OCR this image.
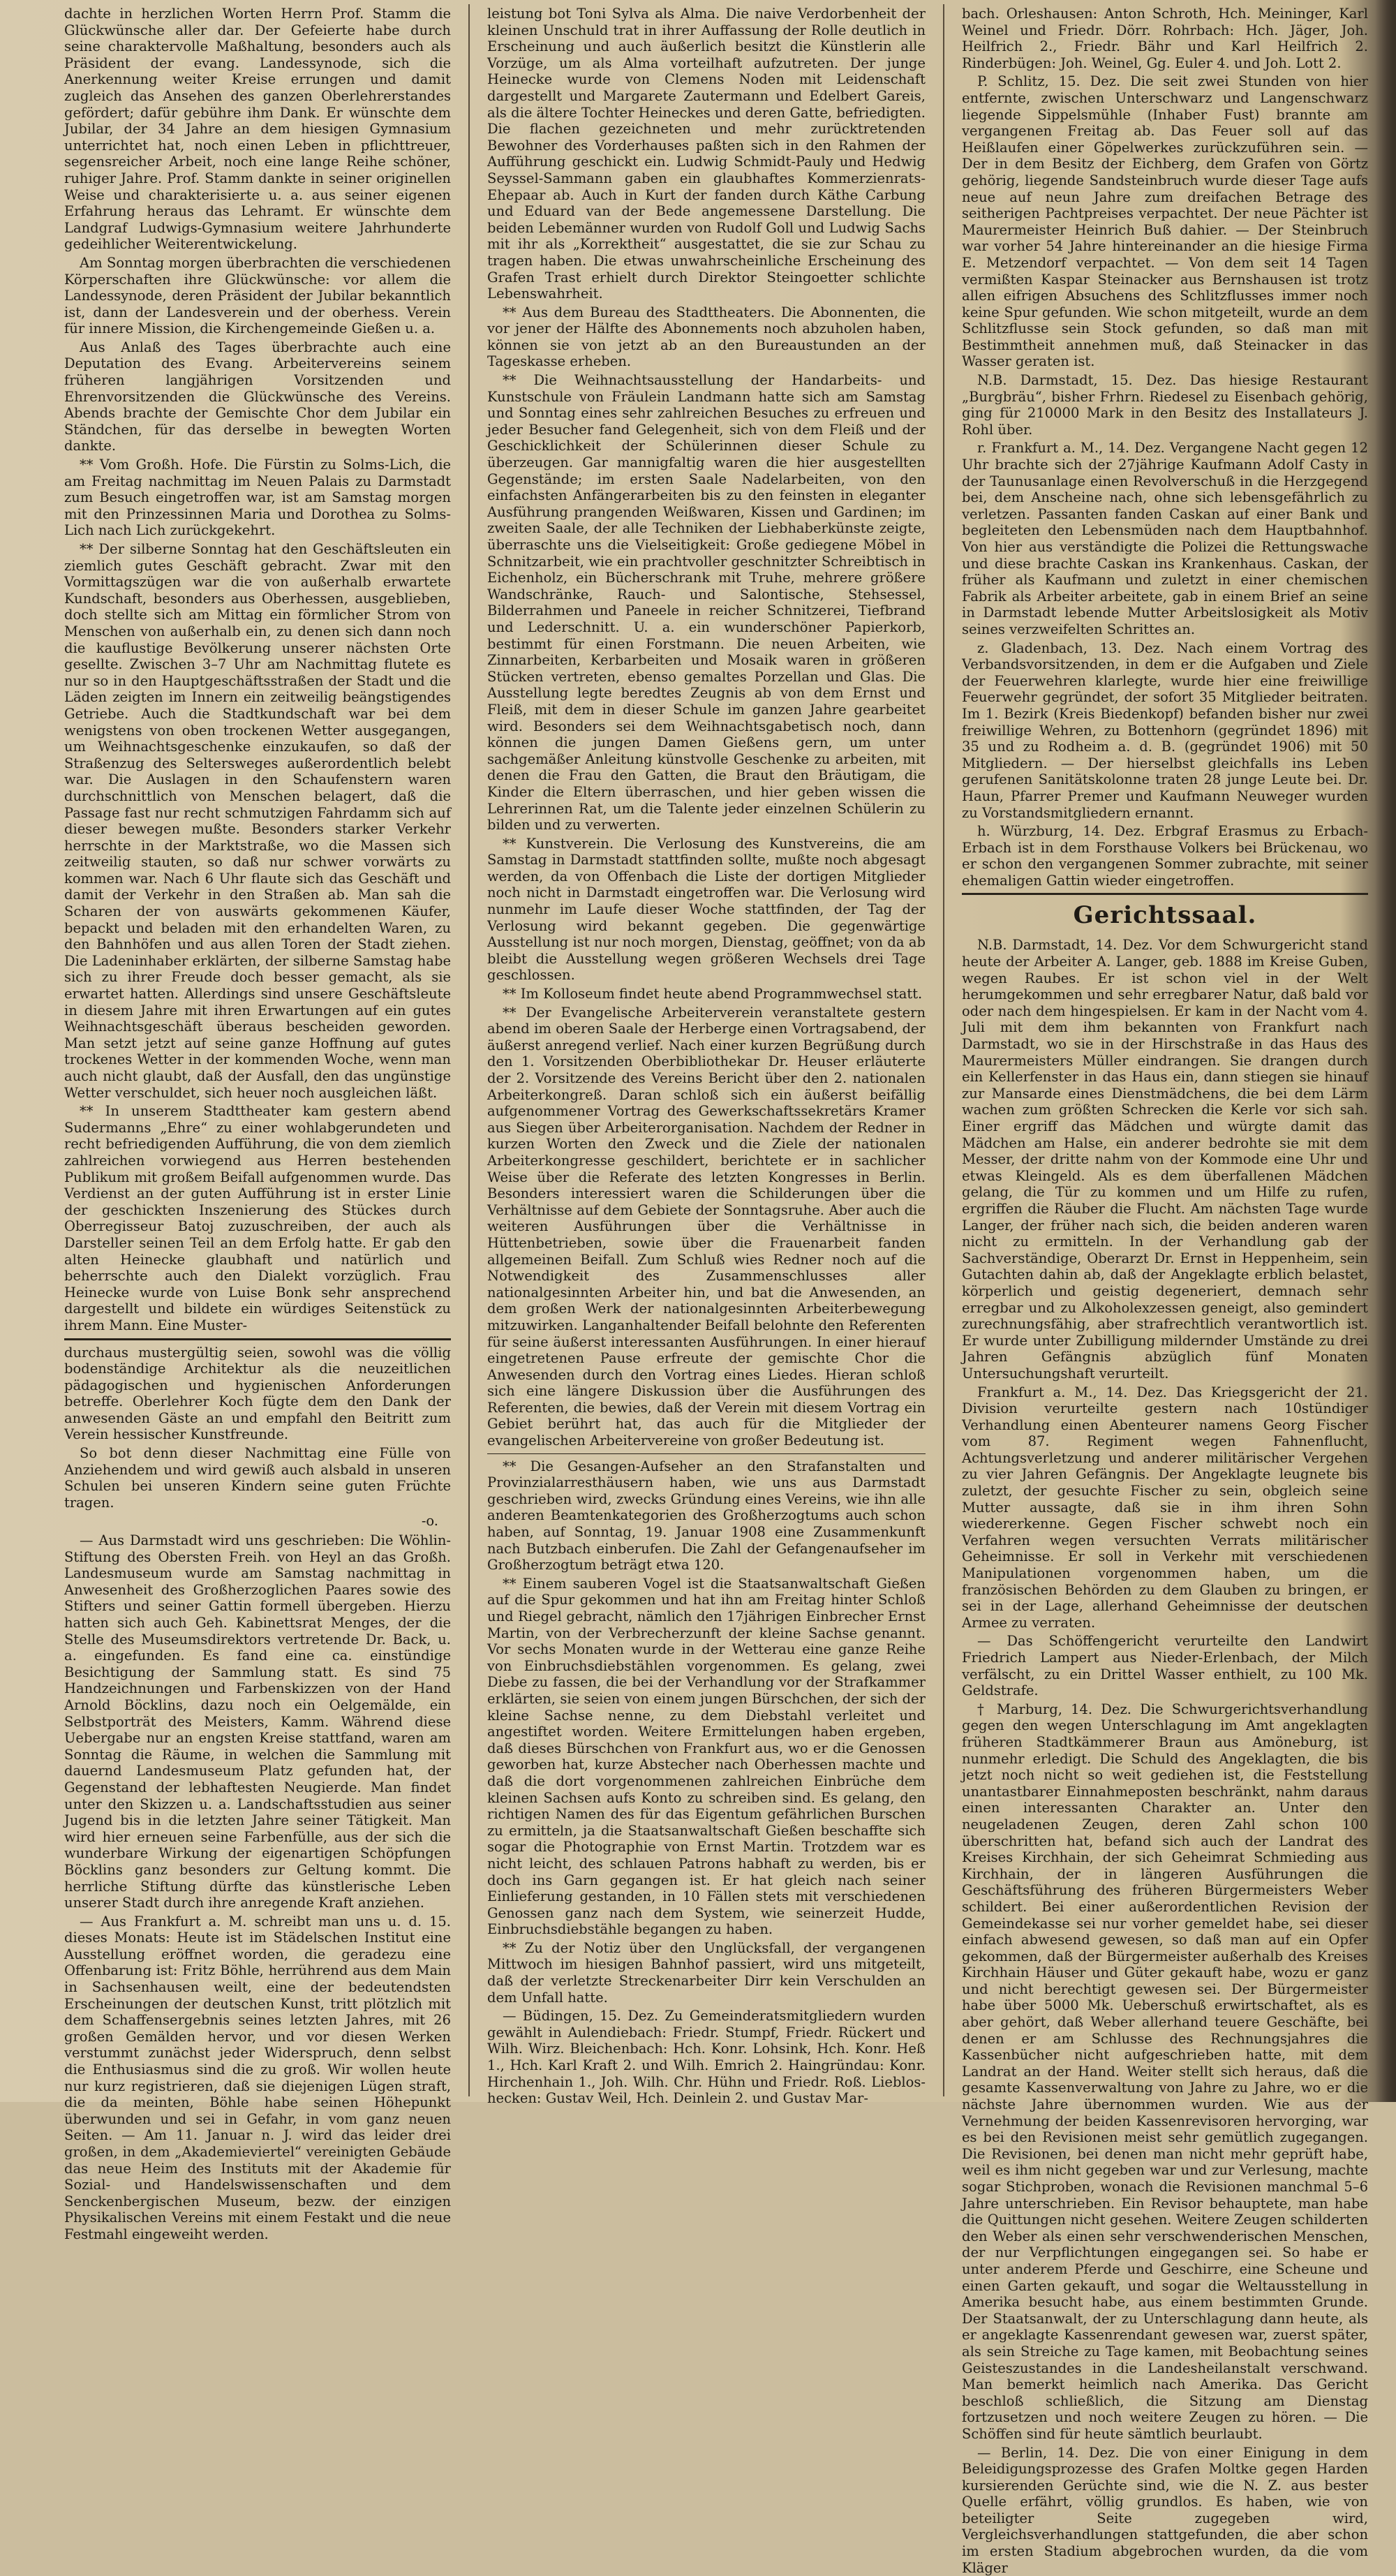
dachte in herzlichen Worten Herrn Prof. Stamm die Glückwünsche aller dar. Der Gefeierte habe durch seine charaktervolle Maßhaltung, besonders auch als Präsident der evang. Landessynode, sich die Anerkennung weiter Kreise errungen und damit zugleich das Ansehen des ganzen Oberlehrerstandes gefördert; dafür gebühre ihm Dank. Er wünschte dem Jubilar, der 34 Jahre an dem hiesigen Gymnasium unterrichtet hat, noch einen Leben in pflichttreuer, segensreicher Arbeit, noch eine lange Reihe schöner, ruhiger Jahre. Prof. Stamm dankte in seiner originellen Weise und charakterisierte u. a. aus seiner eigenen Erfahrung heraus das Lehramt. Er wünschte dem Landgraf Ludwigs-Gymnasium weitere Jahrhunderte gedeihlicher Weiterentwickelung.

Am Sonntag morgen überbrachten die verschiedenen Körperschaften ihre Glückwünsche: vor allem die Landessynode, deren Präsident der Jubilar bekanntlich ist, dann der Landesverein und der oberhess. Verein für innere Mission, die Kirchengemeinde Gießen u. a.

Aus Anlaß des Tages überbrachte auch eine Deputation des Evang. Arbeitervereins seinem früheren langjährigen Vorsitzenden und Ehrenvorsitzenden die Glückwünsche des Vereins. Abends brachte der Gemischte Chor dem Jubilar ein Ständchen, für das derselbe in bewegten Worten dankte.

** Vom Großh. Hofe. Die Fürstin zu Solms-Lich, die am Freitag nachmittag im Neuen Palais zu Darmstadt zum Besuch eingetroffen war, ist am Samstag morgen mit den Prinzessinnen Maria und Dorothea zu Solms-Lich nach Lich zurückgekehrt.

** Der silberne Sonntag hat den Geschäftsleuten ein ziemlich gutes Geschäft gebracht. Zwar mit den Vormittagszügen war die von außerhalb erwartete Kundschaft, besonders aus Oberhessen, ausgeblieben, doch stellte sich am Mittag ein förmlicher Strom von Menschen von außerhalb ein, zu denen sich dann noch die kauflustige Bevölkerung unserer nächsten Orte gesellte. Zwischen 3–7 Uhr am Nachmittag flutete es nur so in den Hauptgeschäftsstraßen der Stadt und die Läden zeigten im Innern ein zeitweilig beängstigendes Getriebe. Auch die Stadtkundschaft war bei dem wenigstens von oben trockenen Wetter ausgegangen, um Weihnachtsgeschenke einzukaufen, so daß der Straßenzug des Seltersweges außerordentlich belebt war. Die Auslagen in den Schaufenstern waren durchschnittlich von Menschen belagert, daß die Passage fast nur recht schmutzigen Fahrdamm sich auf dieser bewegen mußte. Besonders starker Verkehr herrschte in der Marktstraße, wo die Massen sich zeitweilig stauten, so daß nur schwer vorwärts zu kommen war. Nach 6 Uhr flaute sich das Geschäft und damit der Verkehr in den Straßen ab. Man sah die Scharen der von auswärts gekommenen Käufer, bepackt und beladen mit den erhandelten Waren, zu den Bahnhöfen und aus allen Toren der Stadt ziehen. Die Ladeninhaber erklärten, der silberne Samstag habe sich zu ihrer Freude doch besser gemacht, als sie erwartet hatten. Allerdings sind unsere Geschäftsleute in diesem Jahre mit ihren Erwartungen auf ein gutes Weihnachtsgeschäft überaus bescheiden geworden. Man setzt jetzt auf seine ganze Hoffnung auf gutes trockenes Wetter in der kommenden Woche, wenn man auch nicht glaubt, daß der Ausfall, den das ungünstige Wetter verschuldet, sich heuer noch ausgleichen läßt.

** In unserem Stadttheater kam gestern abend Sudermanns „Ehre“ zu einer wohlabgerundeten und recht befriedigenden Aufführung, die von dem ziemlich zahlreichen vorwiegend aus Herren bestehenden Publikum mit großem Beifall aufgenommen wurde. Das Verdienst an der guten Aufführung ist in erster Linie der geschickten Inszenierung des Stückes durch Oberregisseur Batoj zuzuschreiben, der auch als Darsteller seinen Teil an dem Erfolg hatte. Er gab den alten Heinecke glaubhaft und natürlich und beherrschte auch den Dialekt vorzüglich. Frau Heinecke wurde von Luise Bonk sehr ansprechend dargestellt und bildete ein würdiges Seitenstück zu ihrem Mann. Eine Muster-

durchaus mustergültig seien, sowohl was die völlig bodenständige Architektur als die neuzeitlichen pädagogischen und hygienischen Anforderungen betreffe. Oberlehrer Koch fügte dem den Dank der anwesenden Gäste an und empfahl den Beitritt zum Verein hessischer Kunstfreunde.

So bot denn dieser Nachmittag eine Fülle von Anziehendem und wird gewiß auch alsbald in unseren Schulen bei unseren Kindern seine guten Früchte tragen.

-o.

— Aus Darmstadt wird uns geschrieben: Die Wöhlin-Stiftung des Obersten Freih. von Heyl an das Großh. Landesmuseum wurde am Samstag nachmittag in Anwesenheit des Großherzoglichen Paares sowie des Stifters und seiner Gattin formell übergeben. Hierzu hatten sich auch Geh. Kabinettsrat Menges, der die Stelle des Museumsdirektors vertretende Dr. Back, u. a. eingefunden. Es fand eine ca. einstündige Besichtigung der Sammlung statt. Es sind 75 Handzeichnungen und Farbenskizzen von der Hand Arnold Böcklins, dazu noch ein Oelgemälde, ein Selbstporträt des Meisters, Kamm. Während diese Uebergabe nur an engsten Kreise stattfand, waren am Sonntag die Räume, in welchen die Sammlung mit dauernd Landesmuseum Platz gefunden hat, der Gegenstand der lebhaftesten Neugierde. Man findet unter den Skizzen u. a. Landschaftsstudien aus seiner Jugend bis in die letzten Jahre seiner Tätigkeit. Man wird hier erneuen seine Farbenfülle, aus der sich die wunderbare Wirkung der eigenartigen Schöpfungen Böcklins ganz besonders zur Geltung kommt. Die herrliche Stiftung dürfte das künstlerische Leben unserer Stadt durch ihre anregende Kraft anziehen.

— Aus Frankfurt a. M. schreibt man uns u. d. 15. dieses Monats: Heute ist im Städelschen Institut eine Ausstellung eröffnet worden, die geradezu eine Offenbarung ist: Fritz Böhle, herrührend aus dem Main in Sachsenhausen weilt, eine der bedeutendsten Erscheinungen der deutschen Kunst, tritt plötzlich mit dem Schaffensergebnis seines letzten Jahres, mit 26 großen Gemälden hervor, und vor diesen Werken verstummt zunächst jeder Widerspruch, denn selbst die Enthusiasmus sind die zu groß. Wir wollen heute nur kurz registrieren, daß sie diejenigen Lügen straft, die da meinten, Böhle habe seinen Höhepunkt überwunden und sei in Gefahr, in vom ganz neuen Seiten. — Am 11. Januar n. J. wird das leider drei großen, in dem „Akademieviertel“ vereinigten Gebäude das neue Heim des Instituts mit der Akademie für Sozial- und Handelswissenschaften und dem Senckenbergischen Museum, bezw. der einzigen Physikalischen Vereins mit einem Festakt und die neue Festmahl eingeweiht werden.

leistung bot Toni Sylva als Alma. Die naive Verdorbenheit der kleinen Unschuld trat in ihrer Auffassung der Rolle deutlich in Erscheinung und auch äußerlich besitzt die Künstlerin alle Vorzüge, um als Alma vorteilhaft aufzutreten. Der junge Heinecke wurde von Clemens Noden mit Leidenschaft dargestellt und Margarete Zautermann und Edelbert Gareis, als die ältere Tochter Heineckes und deren Gatte, befriedigten. Die flachen gezeichneten und mehr zurücktretenden Bewohner des Vorderhauses paßten sich in den Rahmen der Aufführung geschickt ein. Ludwig Schmidt-Pauly und Hedwig Seyssel-Sammann gaben ein glaubhaftes Kommerzienrats-Ehepaar ab. Auch in Kurt der fanden durch Käthe Carbung und Eduard van der Bede angemessene Darstellung. Die beiden Lebemänner wurden von Rudolf Goll und Ludwig Sachs mit ihr als „Korrektheit“ ausgestattet, die sie zur Schau zu tragen haben. Die etwas unwahrscheinliche Erscheinung des Grafen Trast erhielt durch Direktor Steingoetter schlichte Lebenswahrheit.

** Aus dem Bureau des Stadttheaters. Die Abonnenten, die vor jener der Hälfte des Abonnements noch abzuholen haben, können sie von jetzt ab an den Bureaustunden an der Tageskasse erheben.

** Die Weihnachtsausstellung der Handarbeits- und Kunstschule von Fräulein Landmann hatte sich am Samstag und Sonntag eines sehr zahlreichen Besuches zu erfreuen und jeder Besucher fand Gelegenheit, sich von dem Fleiß und der Geschicklichkeit der Schülerinnen dieser Schule zu überzeugen. Gar mannigfaltig waren die hier ausgestellten Gegenstände; im ersten Saale Nadelarbeiten, von den einfachsten Anfängerarbeiten bis zu den feinsten in eleganter Ausführung prangenden Weißwaren, Kissen und Gardinen; im zweiten Saale, der alle Techniken der Liebhaberkünste zeigte, überraschte uns die Vielseitigkeit: Große gediegene Möbel in Schnitzarbeit, wie ein prachtvoller geschnitzter Schreibtisch in Eichenholz, ein Bücherschrank mit Truhe, mehrere größere Wandschränke, Rauch- und Salontische, Stehsessel, Bilderrahmen und Paneele in reicher Schnitzerei, Tiefbrand und Lederschnitt. U. a. ein wunderschöner Papierkorb, bestimmt für einen Forstmann. Die neuen Arbeiten, wie Zinnarbeiten, Kerbarbeiten und Mosaik waren in größeren Stücken vertreten, ebenso gemaltes Porzellan und Glas. Die Ausstellung legte beredtes Zeugnis ab von dem Ernst und Fleiß, mit dem in dieser Schule im ganzen Jahre gearbeitet wird. Besonders sei dem Weihnachtsgabetisch noch, dann können die jungen Damen Gießens gern, um unter sachgemäßer Anleitung künstvolle Geschenke zu arbeiten, mit denen die Frau den Gatten, die Braut den Bräutigam, die Kinder die Eltern überraschen, und hier geben wissen die Lehrerinnen Rat, um die Talente jeder einzelnen Schülerin zu bilden und zu verwerten.

** Kunstverein. Die Verlosung des Kunstvereins, die am Samstag in Darmstadt stattfinden sollte, mußte noch abgesagt werden, da von Offenbach die Liste der dortigen Mitglieder noch nicht in Darmstadt eingetroffen war. Die Verlosung wird nunmehr im Laufe dieser Woche stattfinden, der Tag der Verlosung wird bekannt gegeben. Die gegenwärtige Ausstellung ist nur noch morgen, Dienstag, geöffnet; von da ab bleibt die Ausstellung wegen größeren Wechsels drei Tage geschlossen.

** Im Kolloseum findet heute abend Programmwechsel statt.

** Der Evangelische Arbeiterverein veranstaltete gestern abend im oberen Saale der Herberge einen Vortragsabend, der äußerst anregend verlief. Nach einer kurzen Begrüßung durch den 1. Vorsitzenden Oberbibliothekar Dr. Heuser erläuterte der 2. Vorsitzende des Vereins Bericht über den 2. nationalen Arbeiterkongreß. Daran schloß sich ein äußerst beifällig aufgenommener Vortrag des Gewerkschaftssekretärs Kramer aus Siegen über Arbeiterorganisation. Nachdem der Redner in kurzen Worten den Zweck und die Ziele der nationalen Arbeiterkongresse geschildert, berichtete er in sachlicher Weise über die Referate des letzten Kongresses in Berlin. Besonders interessiert waren die Schilderungen über die Verhältnisse auf dem Gebiete der Sonntagsruhe. Aber auch die weiteren Ausführungen über die Verhältnisse in Hüttenbetrieben, sowie über die Frauenarbeit fanden allgemeinen Beifall. Zum Schluß wies Redner noch auf die Notwendigkeit des Zusammenschlusses aller nationalgesinnten Arbeiter hin, und bat die Anwesenden, an dem großen Werk der nationalgesinnten Arbeiterbewegung mitzuwirken. Langanhaltender Beifall belohnte den Referenten für seine äußerst interessanten Ausführungen. In einer hierauf eingetretenen Pause erfreute der gemischte Chor die Anwesenden durch den Vortrag eines Liedes. Hieran schloß sich eine längere Diskussion über die Ausführungen des Referenten, die bewies, daß der Verein mit diesem Vortrag ein Gebiet berührt hat, das auch für die Mitglieder der evangelischen Arbeitervereine von großer Bedeutung ist.

** Die Gesangen-Aufseher an den Strafanstalten und Provinzialarresthäusern haben, wie uns aus Darmstadt geschrieben wird, zwecks Gründung eines Vereins, wie ihn alle anderen Beamtenkategorien des Großherzogtums auch schon haben, auf Sonntag, 19. Januar 1908 eine Zusammenkunft nach Butzbach einberufen. Die Zahl der Gefangenaufseher im Großherzogtum beträgt etwa 120.

** Einem sauberen Vogel ist die Staatsanwaltschaft Gießen auf die Spur gekommen und hat ihn am Freitag hinter Schloß und Riegel gebracht, nämlich den 17jährigen Einbrecher Ernst Martin, von der Verbrecherzunft der kleine Sachse genannt. Vor sechs Monaten wurde in der Wetterau eine ganze Reihe von Einbruchsdiebstählen vorgenommen. Es gelang, zwei Diebe zu fassen, die bei der Verhandlung vor der Strafkammer erklärten, sie seien von einem jungen Bürschchen, der sich der kleine Sachse nenne, zu dem Diebstahl verleitet und angestiftet worden. Weitere Ermittelungen haben ergeben, daß dieses Bürschchen von Frankfurt aus, wo er die Genossen geworben hat, kurze Abstecher nach Oberhessen machte und daß die dort vorgenommenen zahlreichen Einbrüche dem kleinen Sachsen aufs Konto zu schreiben sind. Es gelang, den richtigen Namen des für das Eigentum gefährlichen Burschen zu ermitteln, ja die Staatsanwaltschaft Gießen beschaffte sich sogar die Photographie von Ernst Martin. Trotzdem war es nicht leicht, des schlauen Patrons habhaft zu werden, bis er doch ins Garn gegangen ist. Er hat gleich nach seiner Einlieferung gestanden, in 10 Fällen stets mit verschiedenen Genossen ganz nach dem System, wie seinerzeit Hudde, Einbruchsdiebstähle begangen zu haben.

** Zu der Notiz über den Unglücksfall, der vergangenen Mittwoch im hiesigen Bahnhof passiert, wird uns mitgeteilt, daß der verletzte Streckenarbeiter Dirr kein Verschulden an dem Unfall hatte.

— Büdingen, 15. Dez. Zu Gemeinderatsmitgliedern wurden gewählt in Aulendiebach: Friedr. Stumpf, Friedr. Rückert und Wilh. Wirz. Bleichenbach: Hch. Konr. Lohsink, Hch. Konr. Heß 1., Hch. Karl Kraft 2. und Wilh. Emrich 2. Haingründau: Konr. Hirchenhain 1., Joh. Wilh. Chr. Hühn und Friedr. Roß. Lieblos-hecken: Gustav Weil, Hch. Deinlein 2. und Gustav Mar-

bach. Orleshausen: Anton Schroth, Hch. Meininger, Karl Weinel und Friedr. Dörr. Rohrbach: Hch. Jäger, Joh. Heilfrich 2., Friedr. Bähr und Karl Heilfrich 2. Rinderbügen: Joh. Weinel, Gg. Euler 4. und Joh. Lott 2.

P. Schlitz, 15. Dez. Die seit zwei Stunden von hier entfernte, zwischen Unterschwarz und Langenschwarz liegende Sippelsmühle (Inhaber Fust) brannte am vergangenen Freitag ab. Das Feuer soll auf das Heißlaufen einer Göpelwerkes zurückzuführen sein. — Der in dem Besitz der Eichberg, dem Grafen von Görtz gehörig, liegende Sandsteinbruch wurde dieser Tage aufs neue auf neun Jahre zum dreifachen Betrage des seitherigen Pachtpreises verpachtet. Der neue Pächter ist Maurermeister Heinrich Buß dahier. — Der Steinbruch war vorher 54 Jahre hintereinander an die hiesige Firma E. Metzendorf verpachtet. — Von dem seit 14 Tagen vermißten Kaspar Steinacker aus Bernshausen ist trotz allen eifrigen Absuchens des Schlitzflusses immer noch keine Spur gefunden. Wie schon mitgeteilt, wurde an dem Schlitzflusse sein Stock gefunden, so daß man mit Bestimmtheit annehmen muß, daß Steinacker in das Wasser geraten ist.

N.B. Darmstadt, 15. Dez. Das hiesige Restaurant „Burgbräu“, bisher Frhrn. Riedesel zu Eisenbach gehörig, ging für 210000 Mark in den Besitz des Installateurs J. Rohl über.

r. Frankfurt a. M., 14. Dez. Vergangene Nacht gegen 12 Uhr brachte sich der 27jährige Kaufmann Adolf Casty in der Taunusanlage einen Revolverschuß in die Herzgegend bei, dem Anscheine nach, ohne sich lebensgefährlich zu verletzen. Passanten fanden Caskan auf einer Bank und begleiteten den Lebensmüden nach dem Hauptbahnhof. Von hier aus verständigte die Polizei die Rettungswache und diese brachte Caskan ins Krankenhaus. Caskan, der früher als Kaufmann und zuletzt in einer chemischen Fabrik als Arbeiter arbeitete, gab in einem Brief an seine in Darmstadt lebende Mutter Arbeitslosigkeit als Motiv seines verzweifelten Schrittes an.

z. Gladenbach, 13. Dez. Nach einem Vortrag des Verbandsvorsitzenden, in dem er die Aufgaben und Ziele der Feuerwehren klarlegte, wurde hier eine freiwillige Feuerwehr gegründet, der sofort 35 Mitglieder beitraten. Im 1. Bezirk (Kreis Biedenkopf) befanden bisher nur zwei freiwillige Wehren, zu Bottenhorn (gegründet 1896) mit 35 und zu Rodheim a. d. B. (gegründet 1906) mit 50 Mitgliedern. — Der hierselbst gleichfalls ins Leben gerufenen Sanitätskolonne traten 28 junge Leute bei. Dr. Haun, Pfarrer Premer und Kaufmann Neuweger wurden zu Vorstandsmitgliedern ernannt.

h. Würzburg, 14. Dez. Erbgraf Erasmus zu Erbach-Erbach ist in dem Forsthause Volkers bei Brückenau, wo er schon den vergangenen Sommer zubrachte, mit seiner ehemaligen Gattin wieder eingetroffen.

Gerichtssaal.

N.B. Darmstadt, 14. Dez. Vor dem Schwurgericht stand heute der Arbeiter A. Langer, geb. 1888 im Kreise Guben, wegen Raubes. Er ist schon viel in der Welt herumgekommen und sehr erregbarer Natur, daß bald vor oder nach dem hingespielsen. Er kam in der Nacht vom 4. Juli mit dem ihm bekannten von Frankfurt nach Darmstadt, wo sie in der Hirschstraße in das Haus des Maurermeisters Müller eindrangen. Sie drangen durch ein Kellerfenster in das Haus ein, dann stiegen sie hinauf zur Mansarde eines Dienstmädchens, die bei dem Lärm wachen zum größten Schrecken die Kerle vor sich sah. Einer ergriff das Mädchen und würgte damit das Mädchen am Halse, ein anderer bedrohte sie mit dem Messer, der dritte nahm von der Kommode eine Uhr und etwas Kleingeld. Als es dem überfallenen Mädchen gelang, die Tür zu kommen und um Hilfe zu rufen, ergriffen die Räuber die Flucht. Am nächsten Tage wurde Langer, der früher nach sich, die beiden anderen waren nicht zu ermitteln. In der Verhandlung gab der Sachverständige, Oberarzt Dr. Ernst in Heppenheim, sein Gutachten dahin ab, daß der Angeklagte erblich belastet, körperlich und geistig degeneriert, demnach sehr erregbar und zu Alkoholexzessen geneigt, also gemindert zurechnungsfähig, aber strafrechtlich verantwortlich ist. Er wurde unter Zubilligung mildernder Umstände zu drei Jahren Gefängnis abzüglich fünf Monaten Untersuchungshaft verurteilt.

Frankfurt a. M., 14. Dez. Das Kriegsgericht der 21. Division verurteilte gestern nach 10stündiger Verhandlung einen Abenteurer namens Georg Fischer vom 87. Regiment wegen Fahnenflucht, Achtungsverletzung und anderer militärischer Vergehen zu vier Jahren Gefängnis. Der Angeklagte leugnete bis zuletzt, der gesuchte Fischer zu sein, obgleich seine Mutter aussagte, daß sie in ihm ihren Sohn wiedererkenne. Gegen Fischer schwebt noch ein Verfahren wegen versuchten Verrats militärischer Geheimnisse. Er soll in Verkehr mit verschiedenen Manipulationen vorgenommen haben, um die französischen Behörden zu dem Glauben zu bringen, er sei in der Lage, allerhand Geheimnisse der deutschen Armee zu verraten.

— Das Schöffengericht verurteilte den Landwirt Friedrich Lampert aus Nieder-Erlenbach, der Milch verfälscht, zu ein Drittel Wasser enthielt, zu 100 Mk. Geldstrafe.

† Marburg, 14. Dez. Die Schwurgerichtsverhandlung gegen den wegen Unterschlagung im Amt angeklagten früheren Stadtkämmerer Braun aus Amöneburg, ist nunmehr erledigt. Die Schuld des Angeklagten, die bis jetzt noch nicht so weit gediehen ist, die Feststellung unantastbarer Einnahmeposten beschränkt, nahm daraus einen interessanten Charakter an. Unter den neugeladenen Zeugen, deren Zahl schon 100 überschritten hat, befand sich auch der Landrat des Kreises Kirchhain, der sich Geheimrat Schmieding aus Kirchhain, der in längeren Ausführungen die Geschäftsführung des früheren Bürgermeisters Weber schildert. Bei einer außerordentlichen Revision der Gemeindekasse sei nur vorher gemeldet habe, sei dieser einfach abwesend gewesen, so daß man auf ein Opfer gekommen, daß der Bürgermeister außerhalb des Kreises Kirchhain Häuser und Güter gekauft habe, wozu er ganz und nicht berechtigt gewesen sei. Der Bürgermeister habe über 5000 Mk. Ueberschuß erwirtschaftet, als es aber gehört, daß Weber allerhand teuere Geschäfte, bei denen er am Schlusse des Rechnungsjahres die Kassenbücher nicht aufgeschrieben hatte, mit dem Landrat an der Hand. Weiter stellt sich heraus, daß die gesamte Kassenverwaltung von Jahre zu Jahre, wo er die nächste Jahre übernommen wurden. Wie aus der Vernehmung der beiden Kassenrevisoren hervorging, war es bei den Revisionen meist sehr gemütlich zugegangen. Die Revisionen, bei denen man nicht mehr geprüft habe, weil es ihm nicht gegeben war und zur Verlesung, machte sogar Stichproben, wonach die Revisionen manchmal 5–6 Jahre unterschrieben. Ein Revisor behauptete, man habe die Quittungen nicht gesehen. Weitere Zeugen schilderten den Weber als einen sehr verschwenderischen Menschen, der nur Verpflichtungen eingegangen sei. So habe er unter anderem Pferde und Geschirre, eine Scheune und einen Garten gekauft, und sogar die Weltausstellung in Amerika besucht habe, aus einem bestimmten Grunde. Der Staatsanwalt, der zu Unterschlagung dann heute, als er angeklagte Kassenrendant gewesen war, zuerst später, als sein Streiche zu Tage kamen, mit Beobachtung seines Geisteszustandes in die Landesheilanstalt verschwand. Man bemerkt heimlich nach Amerika. Das Gericht beschloß schließlich, die Sitzung am Dienstag fortzusetzen und noch weitere Zeugen zu hören. — Die Schöffen sind für heute sämtlich beurlaubt.

— Berlin, 14. Dez. Die von einer Einigung in dem Beleidigungsprozesse des Grafen Moltke gegen Harden kursierenden Gerüchte sind, wie die N. Z. aus bester Quelle erfährt, völlig grundlos. Es haben, wie von beteiligter Seite zugegeben wird, Vergleichsverhandlungen stattgefunden, die aber schon im ersten Stadium abgebrochen wurden, da die vom Kläger
